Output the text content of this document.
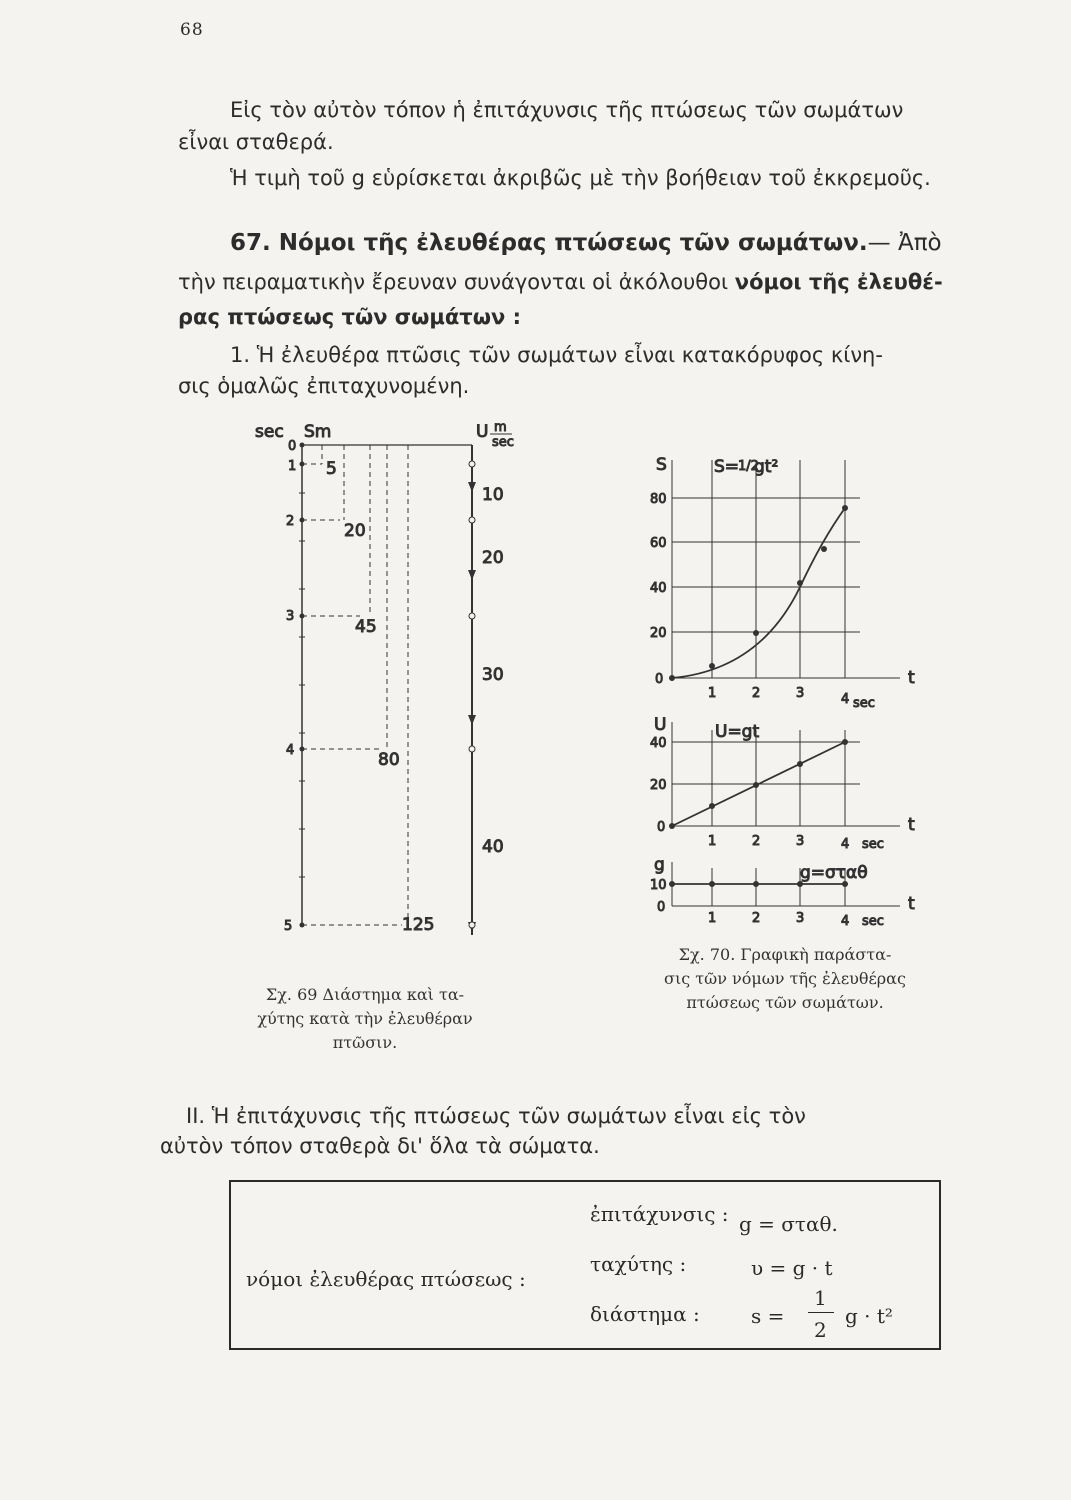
68
Εἰς τὸν αὐτὸν τόπον ἡ ἐπιτάχυνσις τῆς πτώσεως τῶν σωμάτων
εἶναι σταθερά.
Ἡ τιμὴ τοῦ g εὑρίσκεται ἀκριβῶς μὲ τὴν βοήθειαν τοῦ ἐκκρεμοῦς.
67. Νόμοι τῆς ἐλευθέρας πτώσεως τῶν σωμάτων.— Ἀπὸ
τὴν πειραματικὴν ἔρευναν συνάγονται οἱ ἀκόλουθοι νόμοι τῆς ἐλευθέ-
ρας πτώσεως τῶν σωμάτων :
1. Ἡ ἐλευθέρα πτῶσις τῶν σωμάτων εἶναι κατακόρυφος κίνη-
σις ὁμαλῶς ἐπιταχυνομένη.
sec Sm	U m
sec
0
1
2
3
4
5
5
20
45
80
125
10
20
30
40
S	S=
1/2
gt²
80
60
40
20
0	t
1	2	3	4 sec
U	U=gt
40
20
0	t
1	2	3	4 sec
g	g=σταθ
10
0	t
1	2	3	4 sec
Σχ. 69 Διάστημα καὶ τα-
χύτης κατὰ τὴν ἐλευθέραν
πτῶσιν.
Σχ. 70. Γραφικὴ παράστα-
σις τῶν νόμων τῆς ἐλευθέρας
πτώσεως τῶν σωμάτων.
II. Ἡ ἐπιτάχυνσις τῆς πτώσεως τῶν σωμάτων εἶναι εἰς τὸν
αὐτὸν τόπον σταθερὰ δι' ὅλα τὰ σώματα.
νόμοι ἐλευθέρας πτώσεως :
ἐπιτάχυνσις : g = σταθ.
ταχύτης :	υ = g · t
διάστημα :	s =
1
2
g · t²
